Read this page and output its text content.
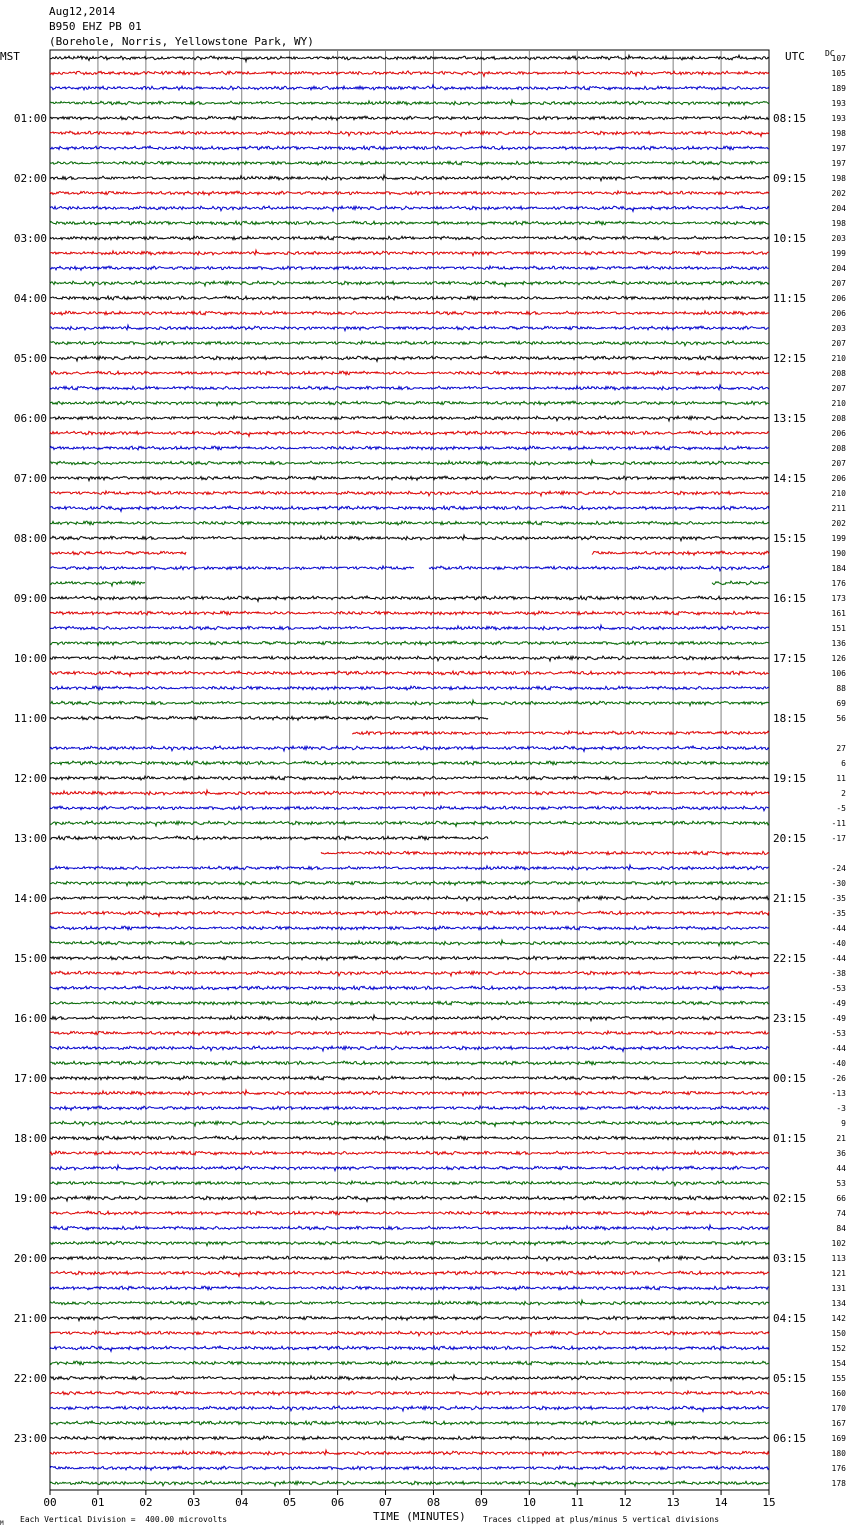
Aug12,2014
B950 EHZ PB 01
(Borehole, Norris, Yellowstone Park, WY)
MST	UTC	DC
00	01	02	03	04	05	06	07	08	09	10	11	12	13	14	15
01:00
02:00
03:00
04:00
05:00
06:00
07:00
08:00
09:00
10:00
11:00
12:00
13:00
14:00
15:00
16:00
17:00
18:00
19:00
20:00
21:00
22:00
23:00
08:15
09:15
10:15
11:15
12:15
13:15
14:15
15:15
16:15
17:15
18:15
19:15
20:15
21:15
22:15
23:15
00:15
01:15
02:15
03:15
04:15
05:15
06:15
107
105
189
193
193
198
197
197
198
202
204
198
203
199
204
207
206
206
203
207
210
208
207
210
208
206
208
207
206
210
211
202
199
190
184
176
173
161
151
136
126
106
88
69
56
27
6
11
2
-5
-11
-17
-24
-30
-35
-35
-44
-40
-44
-38
-53
-49
-49
-53
-44
-40
-26
-13
-3
9
21
36
44
53
66
74
84
102
113
121
131
134
142
150
152
154
155
160
170
167
169
180
176
178
M Each Vertical Division =  400.00 microvolts	TIME (MINUTES) Traces clipped at plus/minus 5 vertical divisions
